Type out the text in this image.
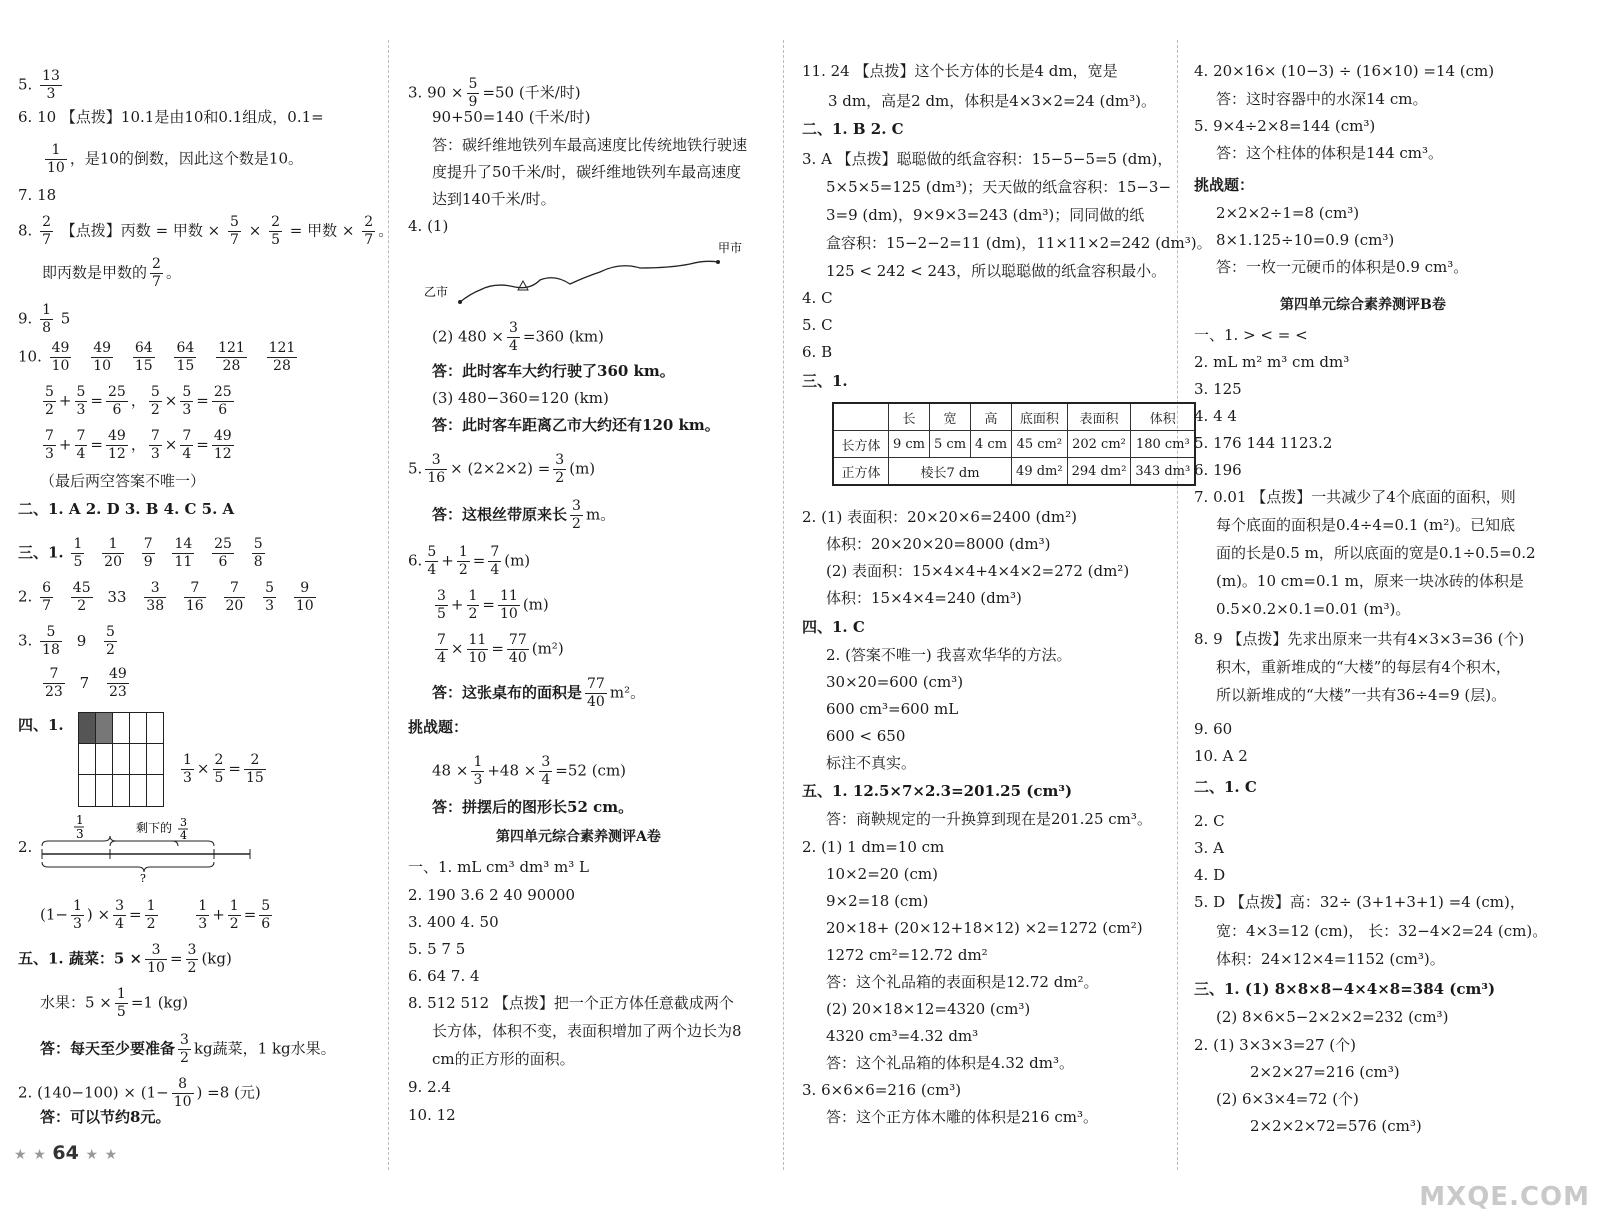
5. $\frac{13}{3}$
6. 10 【点拨】10.1是由10和0.1组成，0.1=
$\frac{1}{10}$ ，是10的倒数，因此这个数是10。
7. 18
8. $\frac{2}{7}$ 【点拨】丙数 = 甲数 × $\frac{5}{7} \times \frac{2}{5}$ = 甲数 × $\frac{2}{7}$ 。
即丙数是甲数的 $\frac{2}{7}$ 。
9. $\frac{1}{8} 5$
10. $\frac{49}{10}$
$\frac{49}{10}$
$\frac{64}{15}$
$\frac{64}{15}$
$\frac{121}{28}$
$\frac{121}{28}$
$\frac{5}{2} + \frac{5}{3} = \frac{25}{6}$ ， $\frac{5}{2} \times \frac{5}{3} = \frac{25}{6}$
$\frac{7}{3} + \frac{7}{4} = \frac{49}{12}$ ， $\frac{7}{3} \times \frac{7}{4} = \frac{49}{12}$
（最后两空答案不唯一）
二、1. A 2. D 3. B 4. C 5. A
三、1. $\frac{1}{5}$
$\frac{1}{20}$
$\frac{7}{9}$
$\frac{14}{11}$
$\frac{25}{6}$
$\frac{5}{8}$
2. $\frac{6}{7}$
$\frac{45}{2} 33 \frac{3}{38}$
$\frac{7}{16}$
$\frac{7}{20}$
$\frac{5}{3}$
$\frac{9}{10}$
3. $\frac{5}{18} 9 \frac{5}{2}$
$\frac{7}{23} 7 \frac{49}{23}$
四、1.
$\frac{1}{3} \times \frac{2}{5} = \frac{2}{15}$
2.
1
3	剩下的 3
4
?
($1- \frac{1}{3}$ ) × $\frac{3}{4} = \frac{1}{2}$
	$\frac{1}{3} + \frac{1}{2} = \frac{5}{6}$
五、1. 蔬菜：$5 \times \frac{3}{10} = \frac{3}{2} (kg)$
水果：$5 \times \frac{1}{5} =1$ (kg)
答：每天至少要准备 $\frac{3}{2}$ kg蔬菜，1 kg水果。
2. $(140-100) \times (1- \frac{8}{10}$ ) =8 (元)
答：可以节约8元。
3. $90 \times \frac{5}{9} =50$ (千米/时)
90+50=140 (千米/时)
答：碳纤维地铁列车最高速度比传统地铁行驶速
度提升了50千米/时，碳纤维地铁列车最高速度
达到140千米/时。
4. (1)
甲市
乙市
(2) $480 \times \frac{3}{4} =360$ (km)
答：此时客车大约行驶了360 km。
(3) 480−360=120 (km)
答：此时客车距离乙市大约还有120 km。
5. $\frac{3}{16} \times (2\times 2\times 2) = \frac{3}{2} (m)$
答：这根丝带原来长 $\frac{3}{2}$ m。
6. $\frac{5}{4} + \frac{1}{2} = \frac{7}{4} (m)$
$\frac{3}{5} + \frac{1}{2} = \frac{11}{10} (m)$
$\frac{7}{4} \times \frac{11}{10} = \frac{77}{40} (m^2)$
答：这张桌布的面积是 $\frac{77}{40} m^2$。
挑战题：
$48 \times \frac{1}{3} +48 \times \frac{3}{4} =52$ (cm)
答：拼摆后的图形长52 cm。
第四单元综合素养测评A卷
一、1. mL cm³ dm³ m³ L
2. 190 3.6 2 40 90000
3. 400 4. 50
5. 5 7 5
6. 64 7. 4
8. 512 512 【点拨】把一个正方体任意截成两个
长方体，体积不变，表面积增加了两个边长为8
cm的正方形的面积。
9. 2.4
10. 12
11. 24 【点拨】这个长方体的长是4 dm，宽是
3 dm，高是2 dm，体积是4×3×2=24 (dm³)。
二、1. B 2. C
3. A 【点拨】聪聪做的纸盒容积：15−5−5=5 (dm)，
5×5×5=125 (dm³)；天天做的纸盒容积：15−3−
3=9 (dm)，9×9×3=243 (dm³)；同同做的纸
盒容积：15−2−2=11 (dm)，11×11×2=242 (dm³)。
125 < 242 < 243，所以聪聪做的纸盒容积最小。
4. C
5. C
6. B
三、1.
	长	宽	高	底面积	表面积	体积
长方体	9 cm	5 cm	4 cm	45 cm²	202 cm²	180 cm³
正方体	棱长7 dm			49 dm²	294 dm²	343 dm³
2. (1) 表面积：20×20×6=2400 (dm²)
体积：20×20×20=8000 (dm³)
(2) 表面积：15×4×4+4×4×2=272 (dm²)
体积：15×4×4=240 (dm³)
四、1. C
2. (答案不唯一) 我喜欢华华的方法。
30×20=600 (cm³)
600 cm³=600 mL
600 < 650
标注不真实。
五、1. 12.5×7×2.3=201.25 (cm³)
答：商鞅规定的一升换算到现在是201.25 cm³。
2. (1) 1 dm=10 cm
10×2=20 (cm)
9×2=18 (cm)
20×18+ (20×12+18×12) ×2=1272 (cm²)
1272 cm²=12.72 dm²
答：这个礼品箱的表面积是12.72 dm²。
(2) 20×18×12=4320 (cm³)
4320 cm³=4.32 dm³
答：这个礼品箱的体积是4.32 dm³。
3. 6×6×6=216 (cm³)
答：这个正方体木雕的体积是216 cm³。
4. 20×16× (10−3) ÷ (16×10) =14 (cm)
答：这时容器中的水深14 cm。
5. 9×4÷2×8=144 (cm³)
答：这个柱体的体积是144 cm³。
挑战题：
2×2×2÷1=8 (cm³)
8×1.125÷10=0.9 (cm³)
答：一枚一元硬币的体积是0.9 cm³。
第四单元综合素养测评B卷
一、1. > < = <
2. mL m² m³ cm dm³
3. 125
4. 4 4
5. 176 144 1123.2
6. 196
7. 0.01 【点拨】一共减少了4个底面的面积，则
每个底面的面积是0.4÷4=0.1 (m²)。已知底
面的长是0.5 m，所以底面的宽是0.1÷0.5=0.2
(m)。10 cm=0.1 m，原来一块冰砖的体积是
0.5×0.2×0.1=0.01 (m³)。
8. 9 【点拨】先求出原来一共有4×3×3=36 (个)
积木，重新堆成的“大楼”的每层有4个积木，
所以新堆成的“大楼”一共有36÷4=9 (层)。
9. 60
10. A 2
二、1. C
2. C
3. A
4. D
5. D 【点拨】高：32÷ (3+1+3+1) =4 (cm)，
宽：4×3=12 (cm)， 长：32−4×2=24 (cm)。
体积：24×12×4=1152 (cm³)。
三、1. (1) 8×8×8−4×4×8=384 (cm³)
(2) 8×6×5−2×2×2=232 (cm³)
2. (1) 3×3×3=27 (个)
2×2×27=216 (cm³)
(2) 6×3×4=72 (个)
2×2×2×72=576 (cm³)
★ ★ 64 ★ ★
MXQE.COM
